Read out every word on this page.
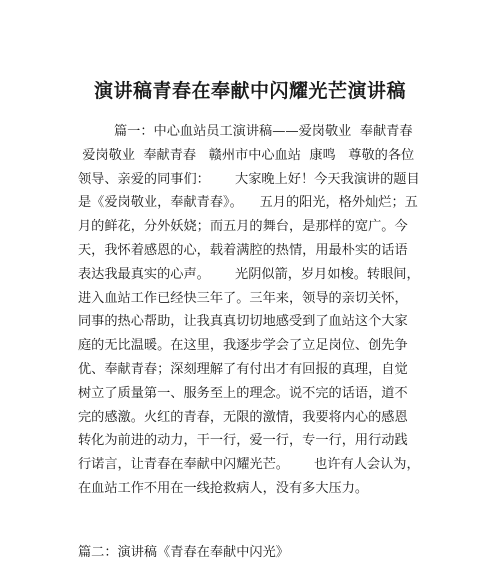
演讲稿青春在奉献中闪耀光芒演讲稿
篇一：中心血站员工演讲稿——爱岗敬业  奉献青春
爱岗敬业  奉献青春   赣州市中心血站  康鸣   尊敬的各位
领导、亲爱的同事们：      大家晚上好！今天我演讲的题目
是《爱岗敬业，奉献青春》。    五月的阳光，格外灿烂；五
月的鲜花，分外妖娆；而五月的舞台，是那样的宽广。今
天，我怀着感恩的心，载着满腔的热情，用最朴实的话语
表达我最真实的心声。      光阴似箭，岁月如梭。转眼间，
进入血站工作已经快三年了。三年来，领导的亲切关怀，
同事的热心帮助，让我真真切切地感受到了血站这个大家
庭的无比温暖。在这里，我逐步学会了立足岗位、创先争
优、奉献青春；深刻理解了有付出才有回报的真理，自觉
树立了质量第一、服务至上的理念。说不完的话语，道不
完的感激。火红的青春，无限的激情，我要将内心的感恩
转化为前进的动力，干一行，爱一行，专一行，用行动践
行诺言，让青春在奉献中闪耀光芒。      也许有人会认为，
在血站工作不用在一线抢救病人，没有多大压力。
篇二：演讲稿《青春在奉献中闪光》
